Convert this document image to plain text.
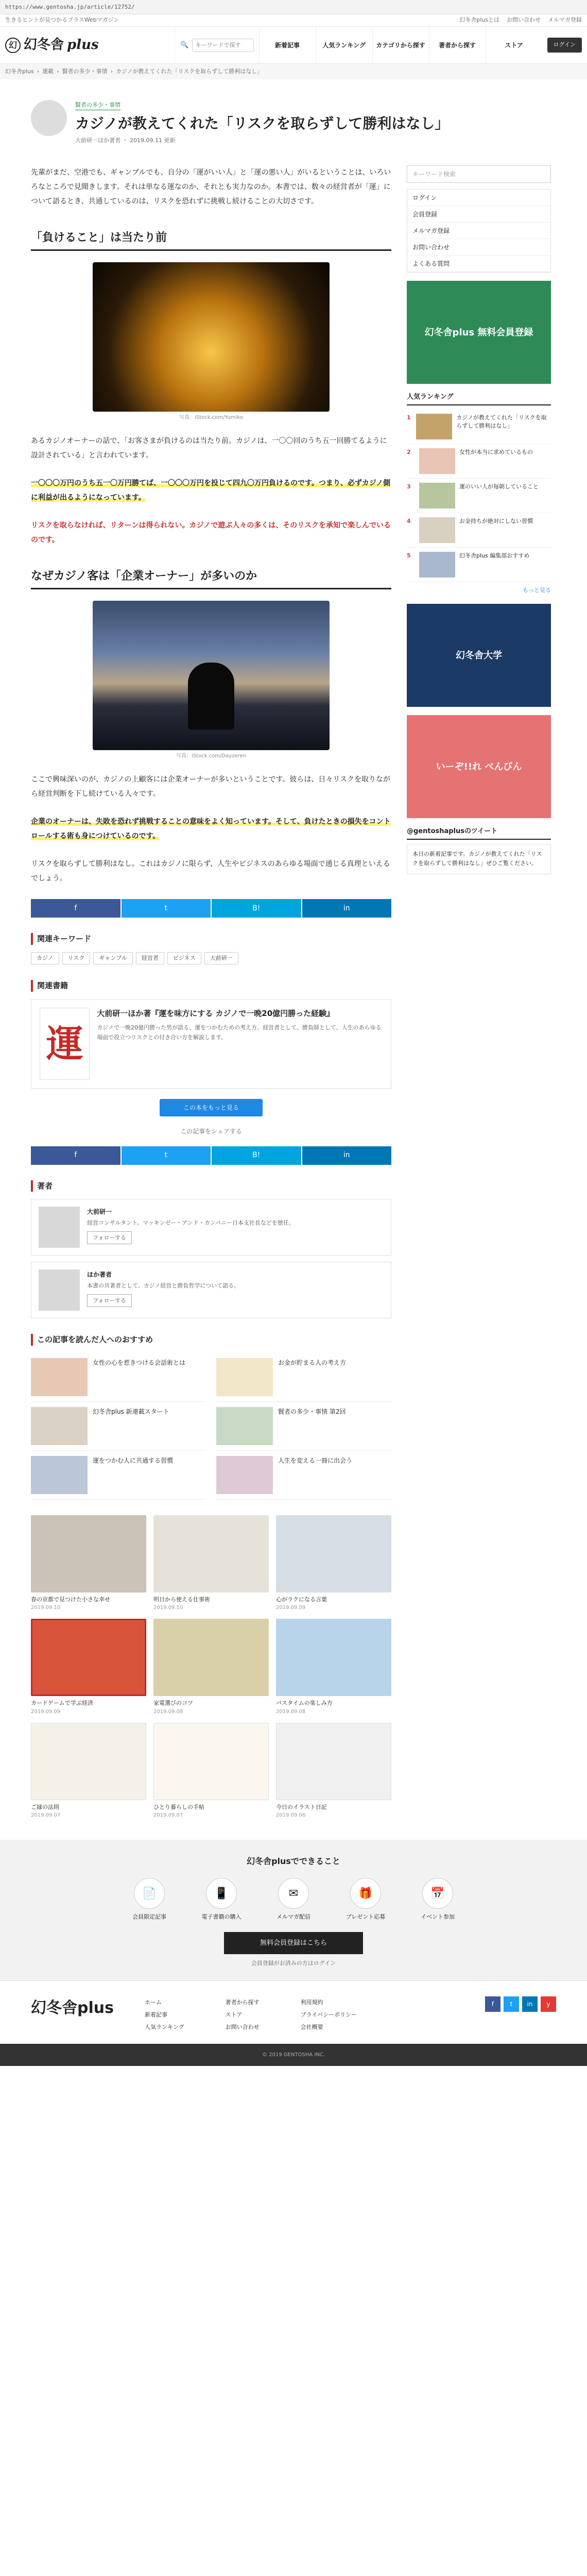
https://www.gentosha.jp/article/12752/
生きるヒントが見つかるプラスWebマガジン	幻冬舎plusとは お問い合わせ メルマガ登録
幻 幻冬舎 plus	🔍
キーワードで探す	新着記事	人気ランキング	カテゴリから探す	著者から探す	ストア	ログイン
幻冬舎plus › 連載 › 賢者の多少・事情 › カジノが教えてくれた「リスクを取らずして勝利はなし」
賢者の多少・事情
カジノが教えてくれた「リスクを取らずして勝利はなし」
大前研一ほか著者 ・ 2019.09.11 更新

先輩がまだ、空港でも、ギャンブルでも、自分の「運がいい人」と「運の悪い人」がいるということは、いろいろなところで見聞きします。それは単なる運なのか、それとも実力なのか。本書では、数々の経営者が「運」について語るとき、共通しているのは、リスクを恐れずに挑戦し続けることの大切さです。

「負けること」は当たり前
写真：iStock.com/Yumiko

あるカジノオーナーの話で、「お客さまが負けるのは当たり前。カジノは、一〇〇回のうち五一回勝てるように設計されている」と言われています。

一〇〇〇万円のうち五一〇万円勝てば、一〇〇〇万円を投じて四九〇万円負けるのです。つまり、必ずカジノ側に利益が出るようになっています。

リスクを取らなければ、リターンは得られない。カジノで遊ぶ人々の多くは、そのリスクを承知で楽しんでいるのです。

なぜカジノ客は「企業オーナー」が多いのか
写真：iStock.com/Dayzeren

ここで興味深いのが、カジノの上顧客には企業オーナーが多いということです。彼らは、日々リスクを取りながら経営判断を下し続けている人々です。

企業のオーナーは、失敗を恐れず挑戦することの意味をよく知っています。そして、負けたときの損失をコントロールする術も身につけているのです。

リスクを取らずして勝利はなし。これはカジノに限らず、人生やビジネスのあらゆる場面で通じる真理といえるでしょう。

f	t	B!	in
関連キーワード
カジノ	リスク	ギャンブル	経営者	ビジネス	大前研一
関連書籍
運
大前研一ほか著『運を味方にする カジノで一晩20億円勝った経験』

カジノで一晩20億円勝った男が語る、運をつかむための考え方。経営者として、勝負師として、人生のあらゆる場面で役立つリスクとの付き合い方を解説します。

この本をもっと見る
この記事をシェアする
f	t	B!	in
著者
大前研一
経営コンサルタント。マッキンゼー・アンド・カンパニー日本支社長などを歴任。
フォローする
ほか著者
本書の共著者として、カジノ経営と勝負哲学について語る。
フォローする
この記事を読んだ人へのおすすめ
女性の心を惹きつける会話術とは
幻冬舎plus 新連載スタート
運をつかむ人に共通する習慣
お金が貯まる人の考え方
賢者の多少・事情 第2回
人生を変える一冊に出会う
春の京都で見つけた小さな幸せ
2019.09.10
明日から使える仕事術
2019.09.10
心がラクになる言葉
2019.09.09
カードゲームで学ぶ経済
2019.09.09
家電選びのコツ
2019.09.08
バスタイムの楽しみ方
2019.09.08
ご縁の法則
2019.09.07
ひとり暮らしの手帖
2019.09.07
今日のイラスト日記
2019.09.06
キーワード検索
ログイン
会員登録
メルマガ登録
お問い合わせ
よくある質問
幻冬舎plus 無料会員登録
人気ランキング
1	カジノが教えてくれた「リスクを取らずして勝利はなし」
2	女性が本当に求めているもの
3	運のいい人が毎朝していること
4	お金持ちが絶対にしない習慣
5	幻冬舎plus 編集部おすすめ
もっと見る
幻冬舎大学
いーぞ!!れ べんびん
@gentoshaplusのツイート
本日の新着記事です。カジノが教えてくれた「リスクを取らずして勝利はなし」ぜひご覧ください。
幻冬舎plusでできること
📄
会員限定記事
📱
電子書籍の購入
✉
メルマガ配信
🎁
プレゼント応募
📅
イベント参加
無料会員登録はこちら
会員登録がお済みの方はログイン
幻冬舎plus	ホーム
新着記事
人気ランキング
著者から探す
ストア
お問い合わせ
利用規約
プライバシーポリシー
会社概要
f	t	in	y
© 2019 GENTOSHA INC.
